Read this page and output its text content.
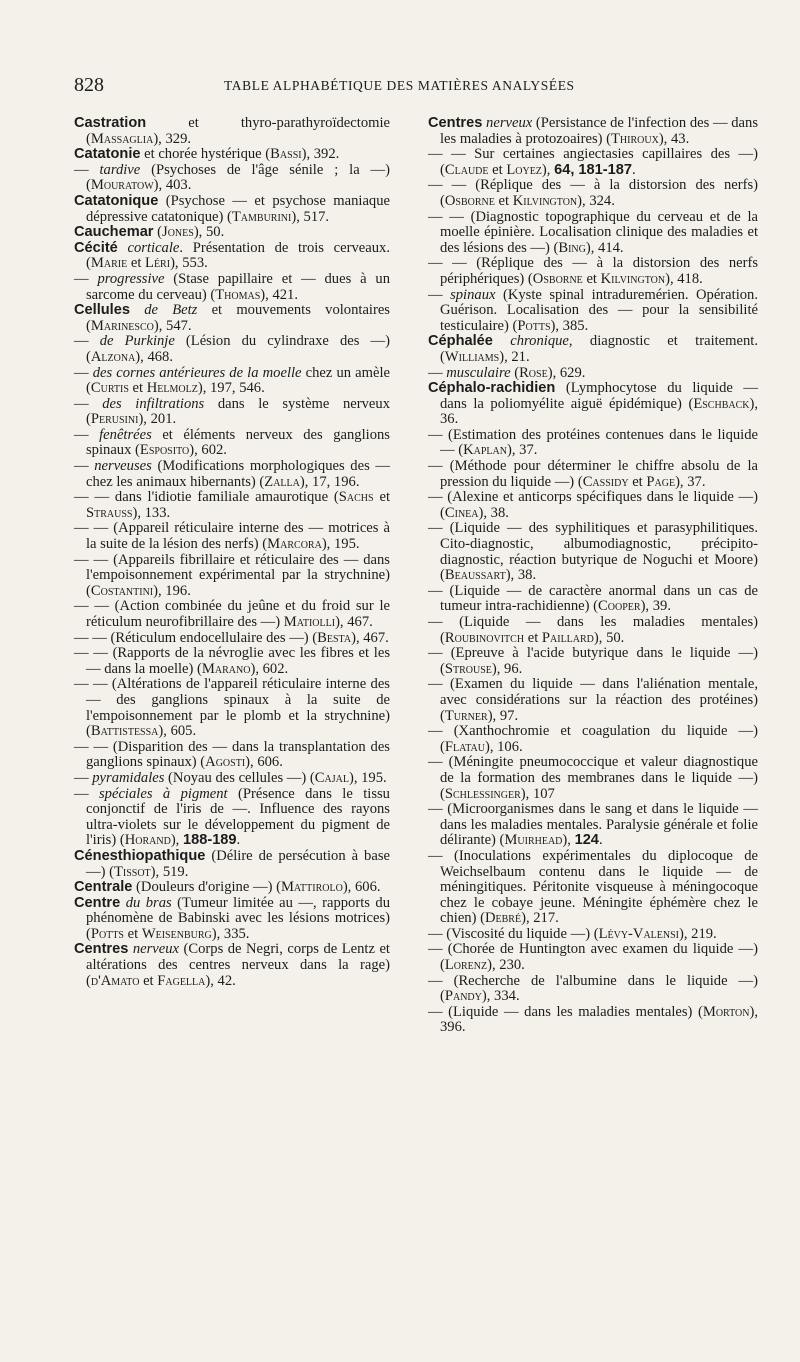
828	TABLE ALPHABÉTIQUE DES MATIÈRES ANALYSÉES

Castration et thyro-parathyroïdectomie (Massaglia), 329.

Catatonie et chorée hystérique (Bassi), 392.

— tardive (Psychoses de l'âge sénile ; la —) (Mouratow), 403.

Catatonique (Psychose — et psychose maniaque dépressive catatonique) (Tamburini), 517.

Cauchemar (Jones), 50.

Cécité corticale. Présentation de trois cerveaux. (Marie et Léri), 553.

— progressive (Stase papillaire et — dues à un sarcome du cerveau) (Thomas), 421.

Cellules de Betz et mouvements volontaires (Marinesco), 547.

— de Purkinje (Lésion du cylindraxe des —) (Alzona), 468.

— des cornes antérieures de la moelle chez un amèle (Curtis et Helmolz), 197, 546.

— des infiltrations dans le système nerveux (Perusini), 201.

— fenêtrées et éléments nerveux des ganglions spinaux (Esposito), 602.

— nerveuses (Modifications morphologiques des — chez les animaux hibernants) (Zalla), 17, 196.

— — dans l'idiotie familiale amaurotique (Sachs et Strauss), 133.

— — (Appareil réticulaire interne des — motrices à la suite de la lésion des nerfs) (Marcora), 195.

— — (Appareils fibrillaire et réticulaire des — dans l'empoisonnement expérimental par la strychnine) (Costantini), 196.

— — (Action combinée du jeûne et du froid sur le réticulum neurofibrillaire des —) Matiolli), 467.

— — (Réticulum endocellulaire des —) (Besta), 467.

— — (Rapports de la névroglie avec les fibres et les — dans la moelle) (Marano), 602.

— — (Altérations de l'appareil réticulaire interne des — des ganglions spinaux à la suite de l'empoisonnement par le plomb et la strychnine) (Battistessa), 605.

— — (Disparition des — dans la transplantation des ganglions spinaux) (Agosti), 606.

— pyramidales (Noyau des cellules —) (Cajal), 195.

— spéciales à pigment (Présence dans le tissu conjonctif de l'iris de —. Influence des rayons ultra-violets sur le développement du pigment de l'iris) (Horand), 188-189.

Cénesthiopathique (Délire de persécution à base —) (Tissot), 519.

Centrale (Douleurs d'origine —) (Mattirolo), 606.

Centre du bras (Tumeur limitée au —, rapports du phénomène de Babinski avec les lésions motrices) (Potts et Weisenburg), 335.

Centres nerveux (Corps de Negri, corps de Lentz et altérations des centres nerveux dans la rage) (d'Amato et Fagella), 42.

Centres nerveux (Persistance de l'infection des — dans les maladies à protozoaires) (Thiroux), 43.

— — Sur certaines angiectasies capillaires des —) (Claude et Loyez), 64, 181-187.

— — (Réplique des — à la distorsion des nerfs) (Osborne et Kilvington), 324.

— — (Diagnostic topographique du cerveau et de la moelle épinière. Localisation clinique des maladies et des lésions des —) (Bing), 414.

— — (Réplique des — à la distorsion des nerfs périphériques) (Osborne et Kilvington), 418.

— spinaux (Kyste spinal intraduremérien. Opération. Guérison. Localisation des — pour la sensibilité testiculaire) (Potts), 385.

Céphalée chronique, diagnostic et traitement. (Williams), 21.

— musculaire (Rose), 629.

Céphalo-rachidien (Lymphocytose du liquide — dans la poliomyélite aiguë épidémique) (Eschback), 36.

— (Estimation des protéines contenues dans le liquide — (Kaplan), 37.

— (Méthode pour déterminer le chiffre absolu de la pression du liquide —) (Cassidy et Page), 37.

— (Alexine et anticorps spécifiques dans le liquide —) (Cinea), 38.

— (Liquide — des syphilitiques et parasyphilitiques. Cito-diagnostic, albumodiagnostic, précipito-diagnostic, réaction butyrique de Noguchi et Moore) (Beaussart), 38.

— (Liquide — de caractère anormal dans un cas de tumeur intra-rachidienne) (Cooper), 39.

— (Liquide — dans les maladies mentales) (Roubinovitch et Paillard), 50.

— (Epreuve à l'acide butyrique dans le liquide —) (Strouse), 96.

— (Examen du liquide — dans l'aliénation mentale, avec considérations sur la réaction des protéines) (Turner), 97.

— (Xanthochromie et coagulation du liquide —) (Flatau), 106.

— (Méningite pneumococcique et valeur diagnostique de la formation des membranes dans le liquide —) (Schlessinger), 107

— (Microorganismes dans le sang et dans le liquide — dans les maladies mentales. Paralysie générale et folie délirante) (Muirhead), 124.

— (Inoculations expérimentales du diplocoque de Weichselbaum contenu dans le liquide — de méningitiques. Péritonite visqueuse à méningocoque chez le cobaye jeune. Méningite éphémère chez le chien) (Debré), 217.

— (Viscosité du liquide —) (Lévy-Valensi), 219.

— (Chorée de Huntington avec examen du liquide —) (Lorenz), 230.

— (Recherche de l'albumine dans le liquide —) (Pandy), 334.

— (Liquide — dans les maladies mentales) (Morton), 396.
